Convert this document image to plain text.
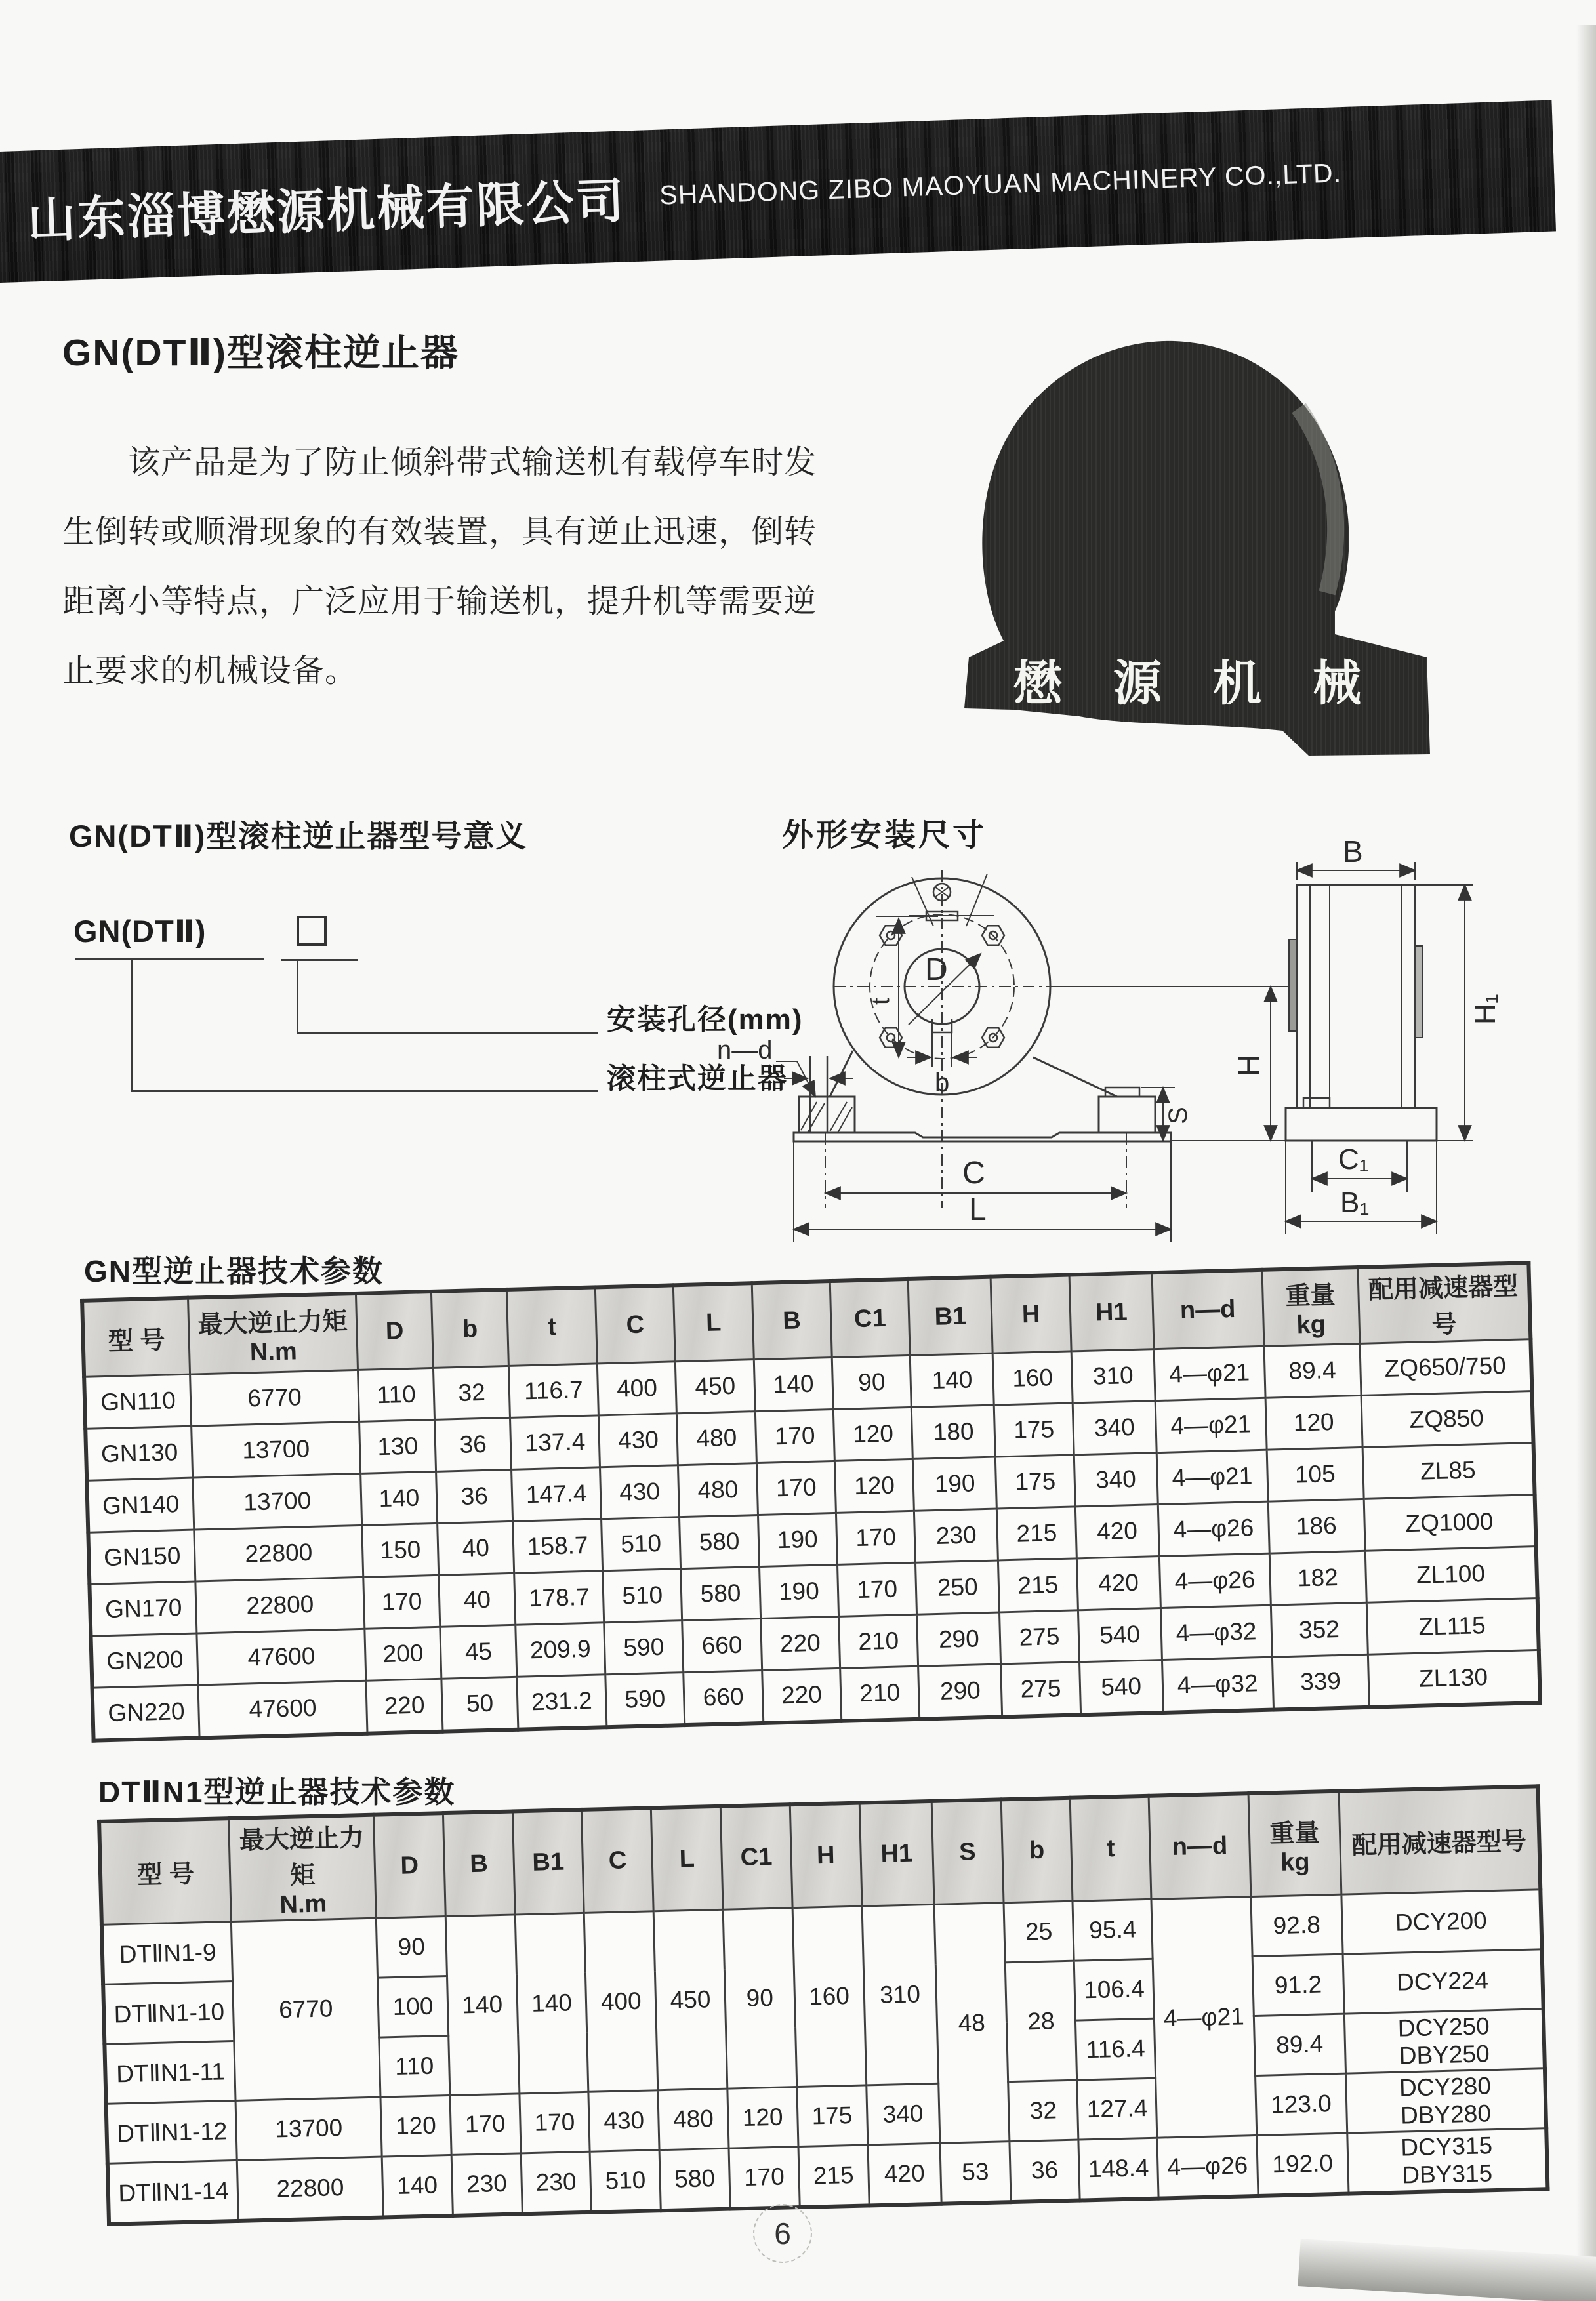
山东淄博懋源机械有限公司 SHANDONG ZIBO MAOYUAN MACHINERY CO.,LTD.
GN(DTⅡ)型滚柱逆止器
该产品是为了防止倾斜带式输送机有载停车时发
生倒转或顺滑现象的有效装置，具有逆止迅速，倒转
距离小等特点，广泛应用于输送机，提升机等需要逆
止要求的机械设备。	懋源机械
GN(DTⅡ)型滚柱逆止器型号意义
GN(DTⅡ)
安装孔径(mm)
滚柱式逆止器
外形安装尺寸
D
t
b
n—d
H
S
C
L
B
H₁
C₁
B₁
GN型逆止器技术参数
型 号	最大逆止力矩
N.m	D	b	t	C	L	B	C1	B1	H	H1	n—d	重量
kg	配用减速器型号
GN110	6770	110	32	116.7	400	450	140	90	140	160	310	4—φ21	89.4	ZQ650/750
GN130	13700	130	36	137.4	430	480	170	120	180	175	340	4—φ21	120	ZQ850
GN140	13700	140	36	147.4	430	480	170	120	190	175	340	4—φ21	105	ZL85
GN150	22800	150	40	158.7	510	580	190	170	230	215	420	4—φ26	186	ZQ1000
GN170	22800	170	40	178.7	510	580	190	170	250	215	420	4—φ26	182	ZL100
GN200	47600	200	45	209.9	590	660	220	210	290	275	540	4—φ32	352	ZL115
GN220	47600	220	50	231.2	590	660	220	210	290	275	540	4—φ32	339	ZL130
DTⅡN1型逆止器技术参数
型 号	最大逆止力矩
N.m	D	B	B1	C	L	C1	H	H1	S	b	t	n—d	重量
kg	配用减速器型号
DTⅡN1-9	6770	90	140	140	400	450	90	160	310	48	25	95.4	4—φ21	92.8	DCY200
DTⅡN1-10		100									28	106.4		91.2	DCY224
DTⅡN1-11		110										116.4		89.4	DCY250
DBY250
DTⅡN1-12	13700	120	170	170	430	480	120	175	340		32	127.4		123.0	DCY280
DBY280
DTⅡN1-14	22800	140	230	230	510	580	170	215	420	53	36	148.4	4—φ26	192.0	DCY315
DBY315
6
